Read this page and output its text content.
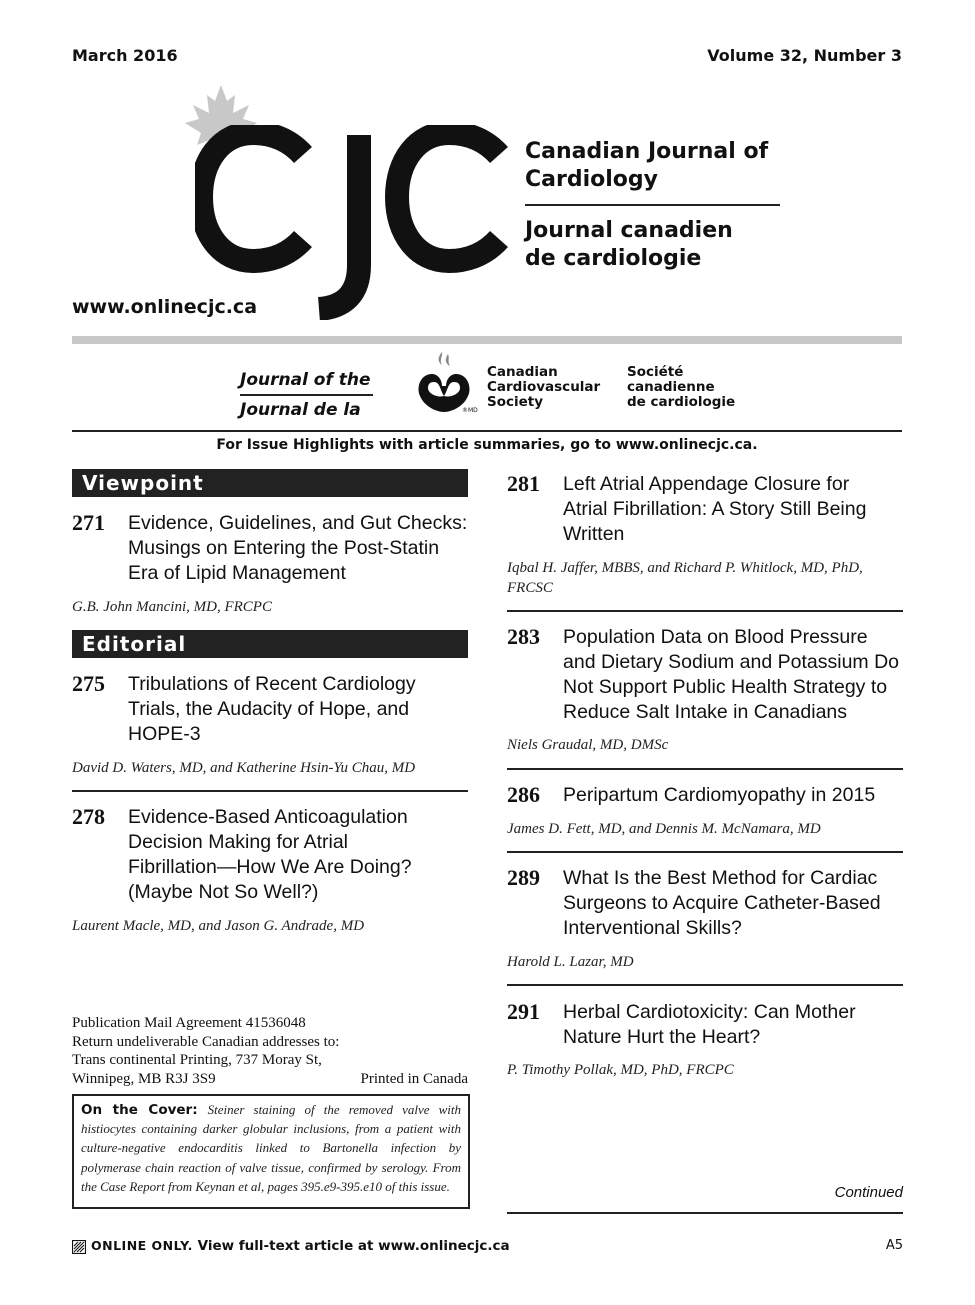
March 2016	Volume 32, Number 3
Canadian Journal of
Cardiology
Journal canadien
de cardiologie
www.onlinecjc.ca
Journal of the
Journal de la	®MD
Canadian
Cardiovascular
Society
Société
canadienne
de cardiologie
For Issue Highlights with article summaries, go to www.onlinecjc.ca.
Viewpoint
271 Evidence, Guidelines, and Gut Checks:
Musings on Entering the Post-Statin
Era of Lipid Management
G.B. John Mancini, MD, FRCPC
Editorial
275 Tribulations of Recent Cardiology
Trials, the Audacity of Hope, and
HOPE-3
David D. Waters, MD, and Katherine Hsin-Yu Chau, MD
278 Evidence-Based Anticoagulation
Decision Making for Atrial
Fibrillation—How We Are Doing?
(Maybe Not So Well?)
Laurent Macle, MD, and Jason G. Andrade, MD
Publication Mail Agreement 41536048
Return undeliverable Canadian addresses to:
Trans continental Printing, 737 Moray St,
Winnipeg, MB R3J 3S9	Printed in Canada
On the Cover: Steiner staining of the removed valve with histiocytes containing darker globular inclusions, from a patient with culture-negative endocarditis linked to Bartonella infection by polymerase chain reaction of valve tissue, confirmed by serology. From the Case Report from Keynan et al, pages 395.e9-395.e10 of this issue.
281 Left Atrial Appendage Closure for
Atrial Fibrillation: A Story Still Being
Written
Iqbal H. Jaffer, MBBS, and Richard P. Whitlock, MD, PhD,
FRCSC
283 Population Data on Blood Pressure
and Dietary Sodium and Potassium Do
Not Support Public Health Strategy to
Reduce Salt Intake in Canadians
Niels Graudal, MD, DMSc
286 Peripartum Cardiomyopathy in 2015
James D. Fett, MD, and Dennis M. McNamara, MD
289 What Is the Best Method for Cardiac
Surgeons to Acquire Catheter-Based
Interventional Skills?
Harold L. Lazar, MD
291 Herbal Cardiotoxicity: Can Mother
Nature Hurt the Heart?
P. Timothy Pollak, MD, PhD, FRCPC
Continued
ONLINE ONLY. View full-text article at www.onlinecjc.ca	A5
